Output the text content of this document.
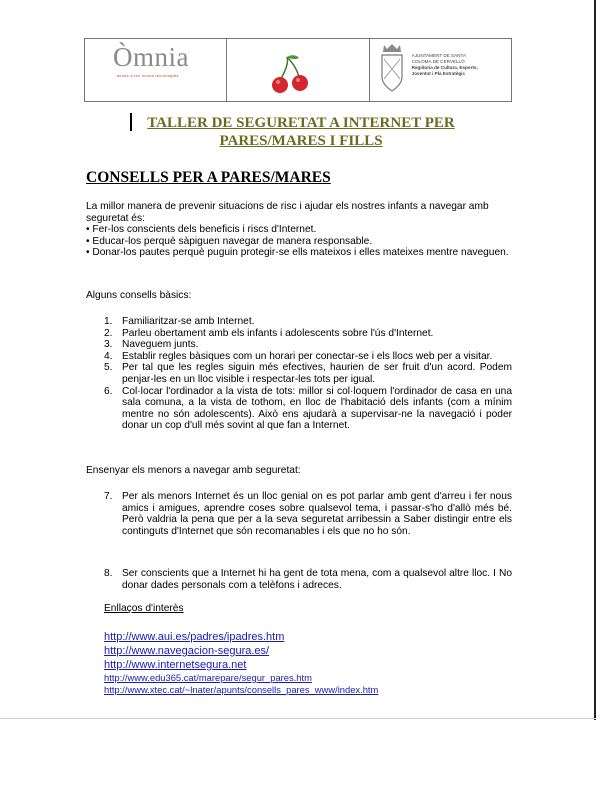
Òmnia
accés a les noves tecnologies
AJUNTAMENT DE SANTA
COLOMA DE CERVELLÓ
Regidoria de Cultura, Esports,
Joventut i Pla Estratègic
TALLER DE SEGURETAT A INTERNET PER
PARES/MARES I FILLS
CONSELLS PER A PARES/MARES
La millor manera de prevenir situacions de risc i ajudar els nostres infants a navegar amb seguretat és:
• Fer-los conscients dels beneficis i riscs d'Internet.
• Educar-los perquè sàpiguen navegar de manera responsable.
• Donar-los pautes perquè puguin protegir-se ells mateixos i elles mateixes mentre naveguen.
Alguns consells bàsics:
1. Familiaritzar-se amb Internet.
2. Parleu obertament amb els infants i adolescents sobre l'ús d'Internet.
3. Naveguem junts.
4. Establir regles bàsiques com un horari per conectar-se i els llocs web per a visitar.
5. Per tal que les regles siguin més efectives, haurien de ser fruit d'un acord. Podem penjar-les en un lloc visible i respectar-les tots per igual.
6. Col·locar l'ordinador a la vista de tots: millor si col·loquem l'ordinador de casa en una sala comuna, a la vista de tothom, en lloc de l'habitació dels infants (com a mínim mentre no són adolescents). Això ens ajudarà a supervisar-ne la navegació i poder donar un cop d'ull més sovint al que fan a Internet.
Ensenyar els menors a navegar amb seguretat:
7. Per als menors Internet és un lloc genial on es pot parlar amb gent d'arreu i fer nous amics i amigues, aprendre coses sobre qualsevol tema, i passar-s'ho d'allò més bé. Però valdria la pena que per a la seva seguretat arribessin a Saber distingir entre els continguts d'Internet que són recomanables i els que no ho són.
8. Ser conscients que a Internet hi ha gent de tota mena, com a qualsevol altre lloc. I No donar dades personals com a telèfons i adreces.
Enllaços d'interès
http://www.aui.es/padres/ipadres.htm
http://www.navegacion-segura.es/
http://www.internetsegura.net
http://www.edu365.cat/marepare/segur_pares.htm
http://www.xtec.cat/~lnater/apunts/consells_pares_www/index.htm
